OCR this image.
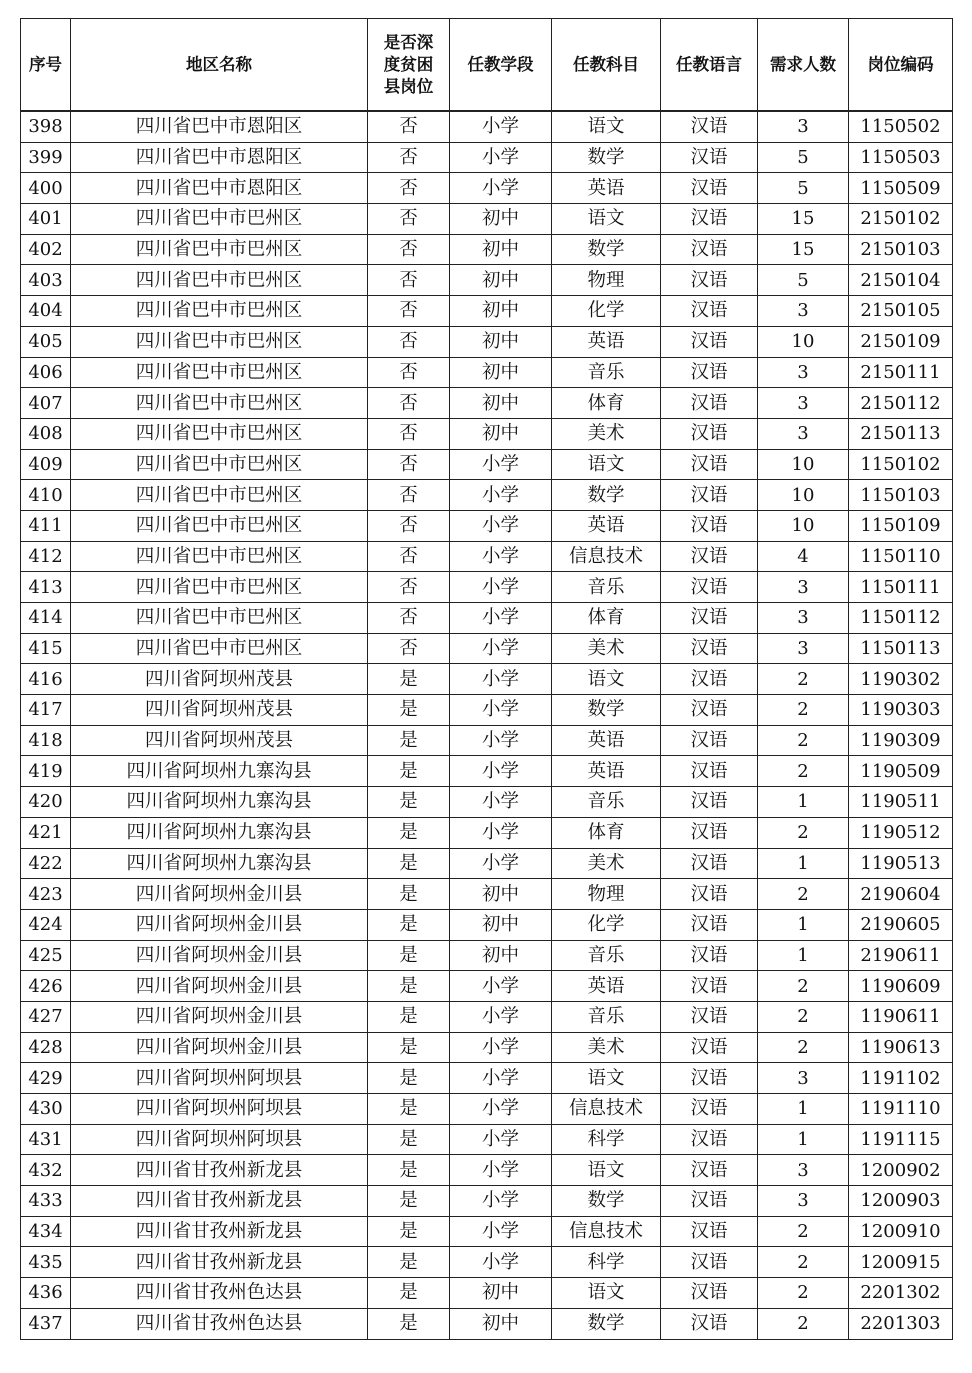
序号	地区名称	是否深
度贫困
县岗位	任教学段	任教科目	任教语言	需求人数	岗位编码
398	四川省巴中市恩阳区	否	小学	语文	汉语	3	1150502
399	四川省巴中市恩阳区	否	小学	数学	汉语	5	1150503
400	四川省巴中市恩阳区	否	小学	英语	汉语	5	1150509
401	四川省巴中市巴州区	否	初中	语文	汉语	15	2150102
402	四川省巴中市巴州区	否	初中	数学	汉语	15	2150103
403	四川省巴中市巴州区	否	初中	物理	汉语	5	2150104
404	四川省巴中市巴州区	否	初中	化学	汉语	3	2150105
405	四川省巴中市巴州区	否	初中	英语	汉语	10	2150109
406	四川省巴中市巴州区	否	初中	音乐	汉语	3	2150111
407	四川省巴中市巴州区	否	初中	体育	汉语	3	2150112
408	四川省巴中市巴州区	否	初中	美术	汉语	3	2150113
409	四川省巴中市巴州区	否	小学	语文	汉语	10	1150102
410	四川省巴中市巴州区	否	小学	数学	汉语	10	1150103
411	四川省巴中市巴州区	否	小学	英语	汉语	10	1150109
412	四川省巴中市巴州区	否	小学	信息技术	汉语	4	1150110
413	四川省巴中市巴州区	否	小学	音乐	汉语	3	1150111
414	四川省巴中市巴州区	否	小学	体育	汉语	3	1150112
415	四川省巴中市巴州区	否	小学	美术	汉语	3	1150113
416	四川省阿坝州茂县	是	小学	语文	汉语	2	1190302
417	四川省阿坝州茂县	是	小学	数学	汉语	2	1190303
418	四川省阿坝州茂县	是	小学	英语	汉语	2	1190309
419	四川省阿坝州九寨沟县	是	小学	英语	汉语	2	1190509
420	四川省阿坝州九寨沟县	是	小学	音乐	汉语	1	1190511
421	四川省阿坝州九寨沟县	是	小学	体育	汉语	2	1190512
422	四川省阿坝州九寨沟县	是	小学	美术	汉语	1	1190513
423	四川省阿坝州金川县	是	初中	物理	汉语	2	2190604
424	四川省阿坝州金川县	是	初中	化学	汉语	1	2190605
425	四川省阿坝州金川县	是	初中	音乐	汉语	1	2190611
426	四川省阿坝州金川县	是	小学	英语	汉语	2	1190609
427	四川省阿坝州金川县	是	小学	音乐	汉语	2	1190611
428	四川省阿坝州金川县	是	小学	美术	汉语	2	1190613
429	四川省阿坝州阿坝县	是	小学	语文	汉语	3	1191102
430	四川省阿坝州阿坝县	是	小学	信息技术	汉语	1	1191110
431	四川省阿坝州阿坝县	是	小学	科学	汉语	1	1191115
432	四川省甘孜州新龙县	是	小学	语文	汉语	3	1200902
433	四川省甘孜州新龙县	是	小学	数学	汉语	3	1200903
434	四川省甘孜州新龙县	是	小学	信息技术	汉语	2	1200910
435	四川省甘孜州新龙县	是	小学	科学	汉语	2	1200915
436	四川省甘孜州色达县	是	初中	语文	汉语	2	2201302
437	四川省甘孜州色达县	是	初中	数学	汉语	2	2201303
